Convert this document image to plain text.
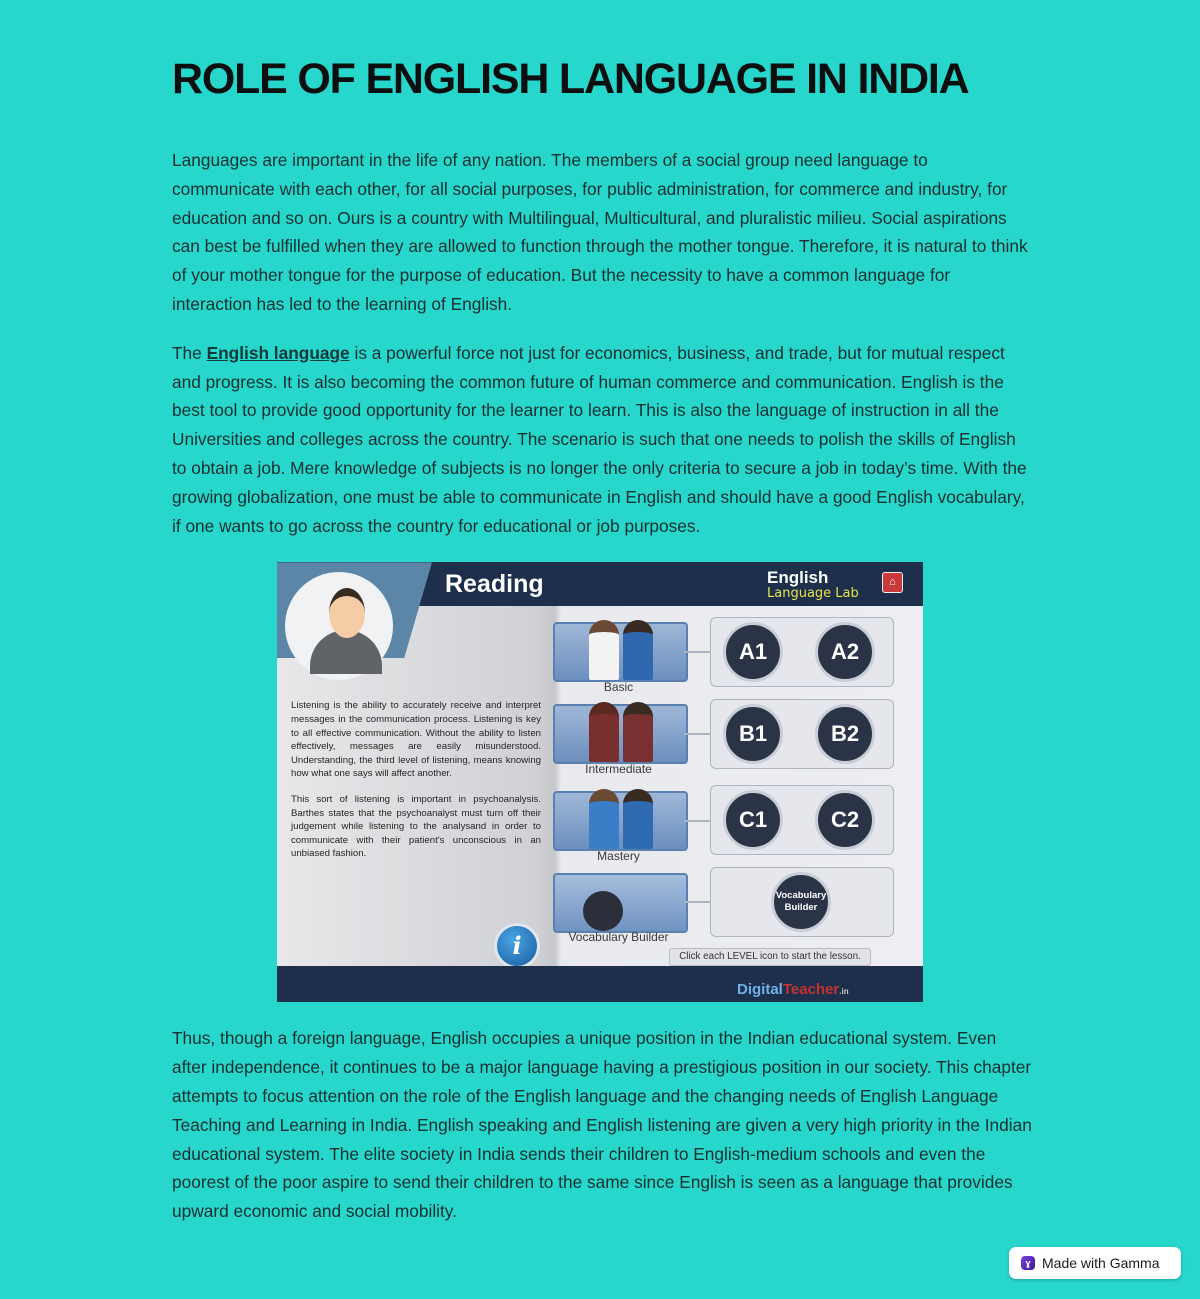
ROLE OF ENGLISH LANGUAGE IN INDIA

Languages are important in the life of any nation. The members of a social group need language to communicate with each other, for all social purposes, for public administration, for commerce and industry, for education and so on. Ours is a country with Multilingual, Multicultural, and pluralistic milieu. Social aspirations can best be fulfilled when they are allowed to function through the mother tongue. Therefore, it is natural to think of your mother tongue for the purpose of education. But the necessity to have a common language for interaction has led to the learning of English.

The English language is a powerful force not just for economics, business, and trade, but for mutual respect and progress. It is also becoming the common future of human commerce and communication. English is the best tool to provide good opportunity for the learner to learn. This is also the language of instruction in all the Universities and colleges across the country. The scenario is such that one needs to polish the skills of English to obtain a job. Mere knowledge of subjects is no longer the only criteria to secure a job in today’s time. With the growing globalization, one must be able to communicate in English and should have a good English vocabulary, if one wants to go across the country for educational or job purposes.

Reading	English
Language Lab
⌂

Listening is the ability to accurately receive and interpret messages in the communication process. Listening is key to all effective communication. Without the ability to listen effectively, messages are easily misunderstood. Understanding, the third level of listening, means knowing how what one says will affect another.

This sort of listening is important in psychoanalysis. Barthes states that the psychoanalyst must turn off their judgement while listening to the analysand in order to communicate with their patient's unconscious in an unbiased fashion.

Basic
A1	A2
Intermediate
B1	B2
Mastery
C1	C2
Vocabulary Builder
Vocabulary Builder
i	Click each LEVEL icon to start the lesson.
DigitalTeacher.in

Thus, though a foreign language, English occupies a unique position in the Indian educational system. Even after independence, it continues to be a major language having a prestigious position in our society. This chapter attempts to focus attention on the role of the English language and the changing needs of English Language Teaching and Learning in India. English speaking and English listening are given a very high priority in the Indian educational system. The elite society in India sends their children to English-medium schools and even the poorest of the poor aspire to send their children to the same since English is seen as a language that provides upward economic and social mobility.

ɣ Made with Gamma
